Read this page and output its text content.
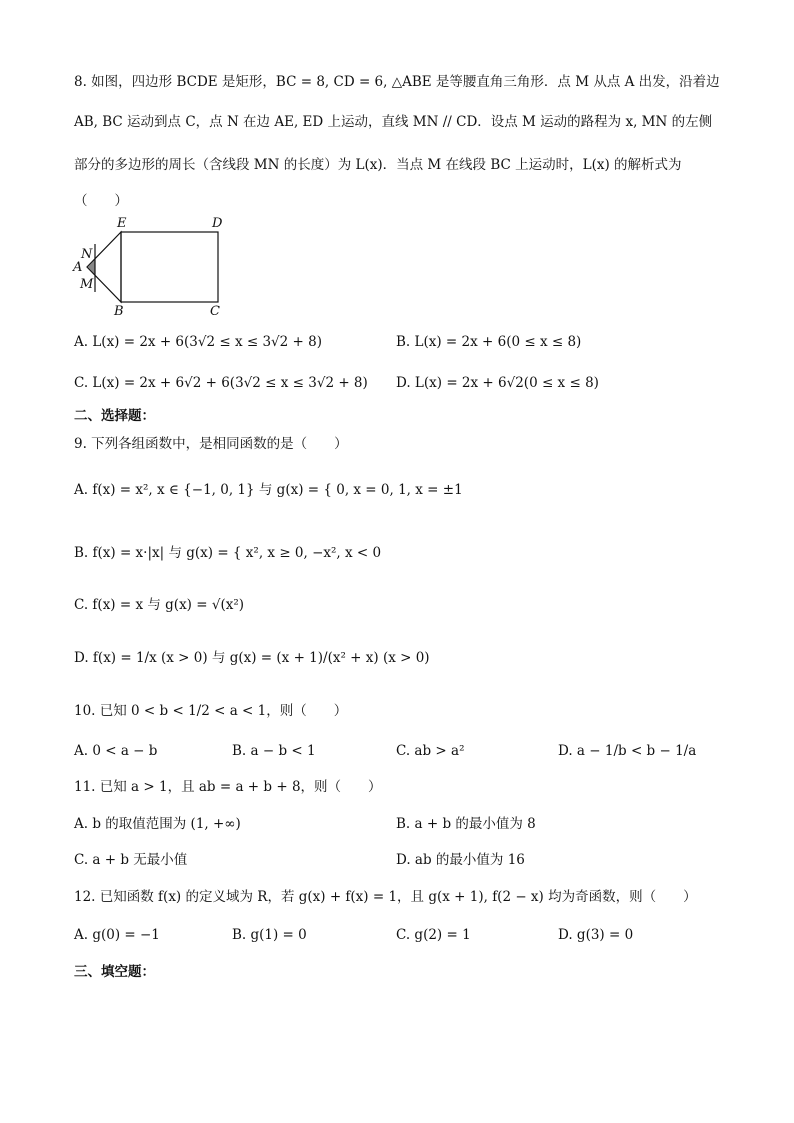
8. 如图，四边形 BCDE 是矩形，BC = 8, CD = 6, △ABE 是等腰直角三角形．点 M 从点 A 出发，沿着边
AB, BC 运动到点 C，点 N 在边 AE, ED 上运动，直线 MN // CD．设点 M 运动的路程为 x, MN 的左侧
部分的多边形的周长（含线段 MN 的长度）为 L(x)．当点 M 在线段 BC 上运动时，L(x) 的解析式为
（　　）
E	D
N
A
M
B	C
A. L(x) = 2x + 6(3√2 ≤ x ≤ 3√2 + 8)	B. L(x) = 2x + 6(0 ≤ x ≤ 8)
C. L(x) = 2x + 6√2 + 6(3√2 ≤ x ≤ 3√2 + 8) D. L(x) = 2x + 6√2(0 ≤ x ≤ 8)
二、选择题：
9. 下列各组函数中，是相同函数的是（　　）
A. f(x) = x², x ∈ {−1, 0, 1} 与 g(x) = { 0, x = 0, 1, x = ±1
B. f(x) = x·|x| 与 g(x) = { x², x ≥ 0, −x², x < 0
C. f(x) = x 与 g(x) = √(x²)
D. f(x) = 1/x (x > 0) 与 g(x) = (x + 1)/(x² + x) (x > 0)
10. 已知 0 < b < 1/2 < a < 1，则（　　）
A. 0 < a − b	B. a − b < 1	C. ab > a²	D. a − 1/b < b − 1/a
11. 已知 a > 1，且 ab = a + b + 8，则（　　）
A. b 的取值范围为 (1, +∞)	B. a + b 的最小值为 8
C. a + b 无最小值	D. ab 的最小值为 16
12. 已知函数 f(x) 的定义域为 R，若 g(x) + f(x) = 1，且 g(x + 1), f(2 − x) 均为奇函数，则（　　）
A. g(0) = −1	B. g(1) = 0	C. g(2) = 1	D. g(3) = 0
三、填空题：
